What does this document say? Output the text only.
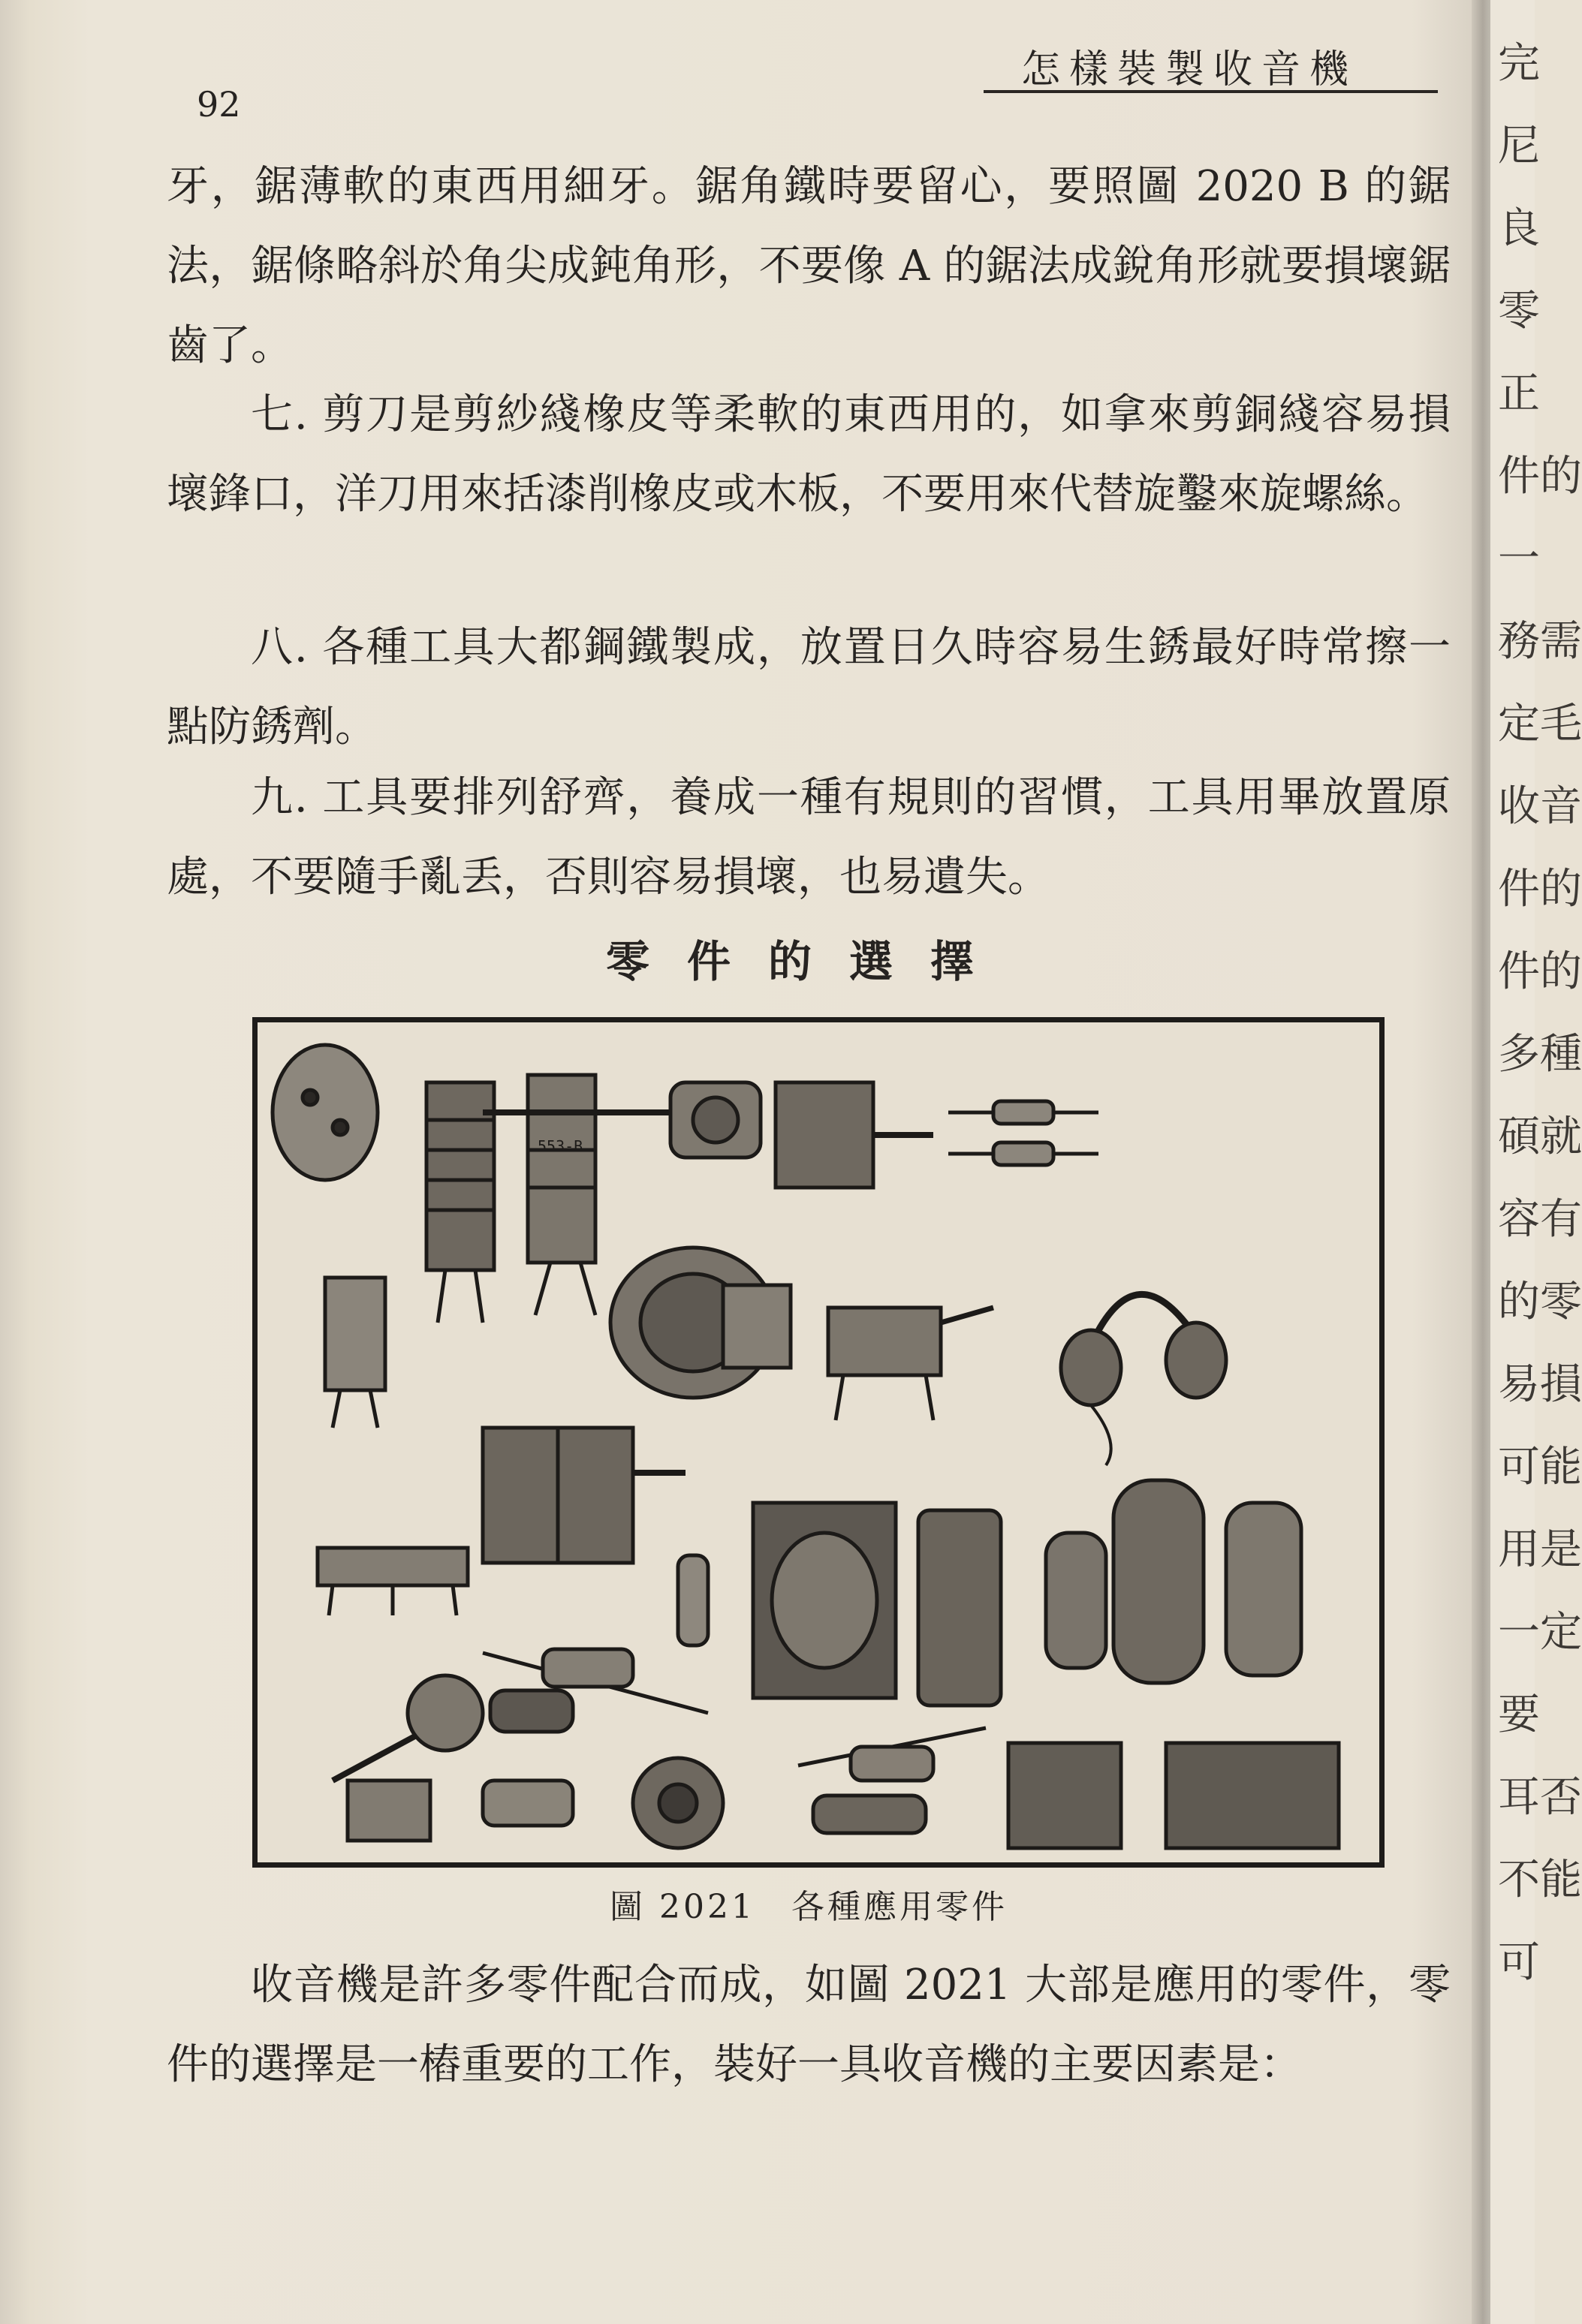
完
尼
良
零
正
件的
一
務需
定毛
收音
件的
件的
多種
碩就
容有
的零
易損
可能
用是
一定
要
耳否
不能
可
92
怎樣裝製收音機

牙，鋸薄軟的東西用細牙。鋸角鐵時要留心，要照圖 2020 B 的鋸法，鋸條略斜於角尖成鈍角形，不要像 A 的鋸法成銳角形就要損壞鋸齒了。

七. 剪刀是剪紗綫橡皮等柔軟的東西用的，如拿來剪銅綫容易損壞鋒口，洋刀用來括漆削橡皮或木板，不要用來代替旋鑿來旋螺絲。

八. 各種工具大都鋼鐵製成，放置日久時容易生銹最好時常擦一點防銹劑。

九. 工具要排列舒齊，養成一種有規則的習慣，工具用畢放置原處，不要隨手亂丢，否則容易損壞，也易遺失。

零件的選擇
553-B
圖 2021　各種應用零件

收音機是許多零件配合而成，如圖 2021 大部是應用的零件，零件的選擇是一樁重要的工作，裝好一具收音機的主要因素是：
